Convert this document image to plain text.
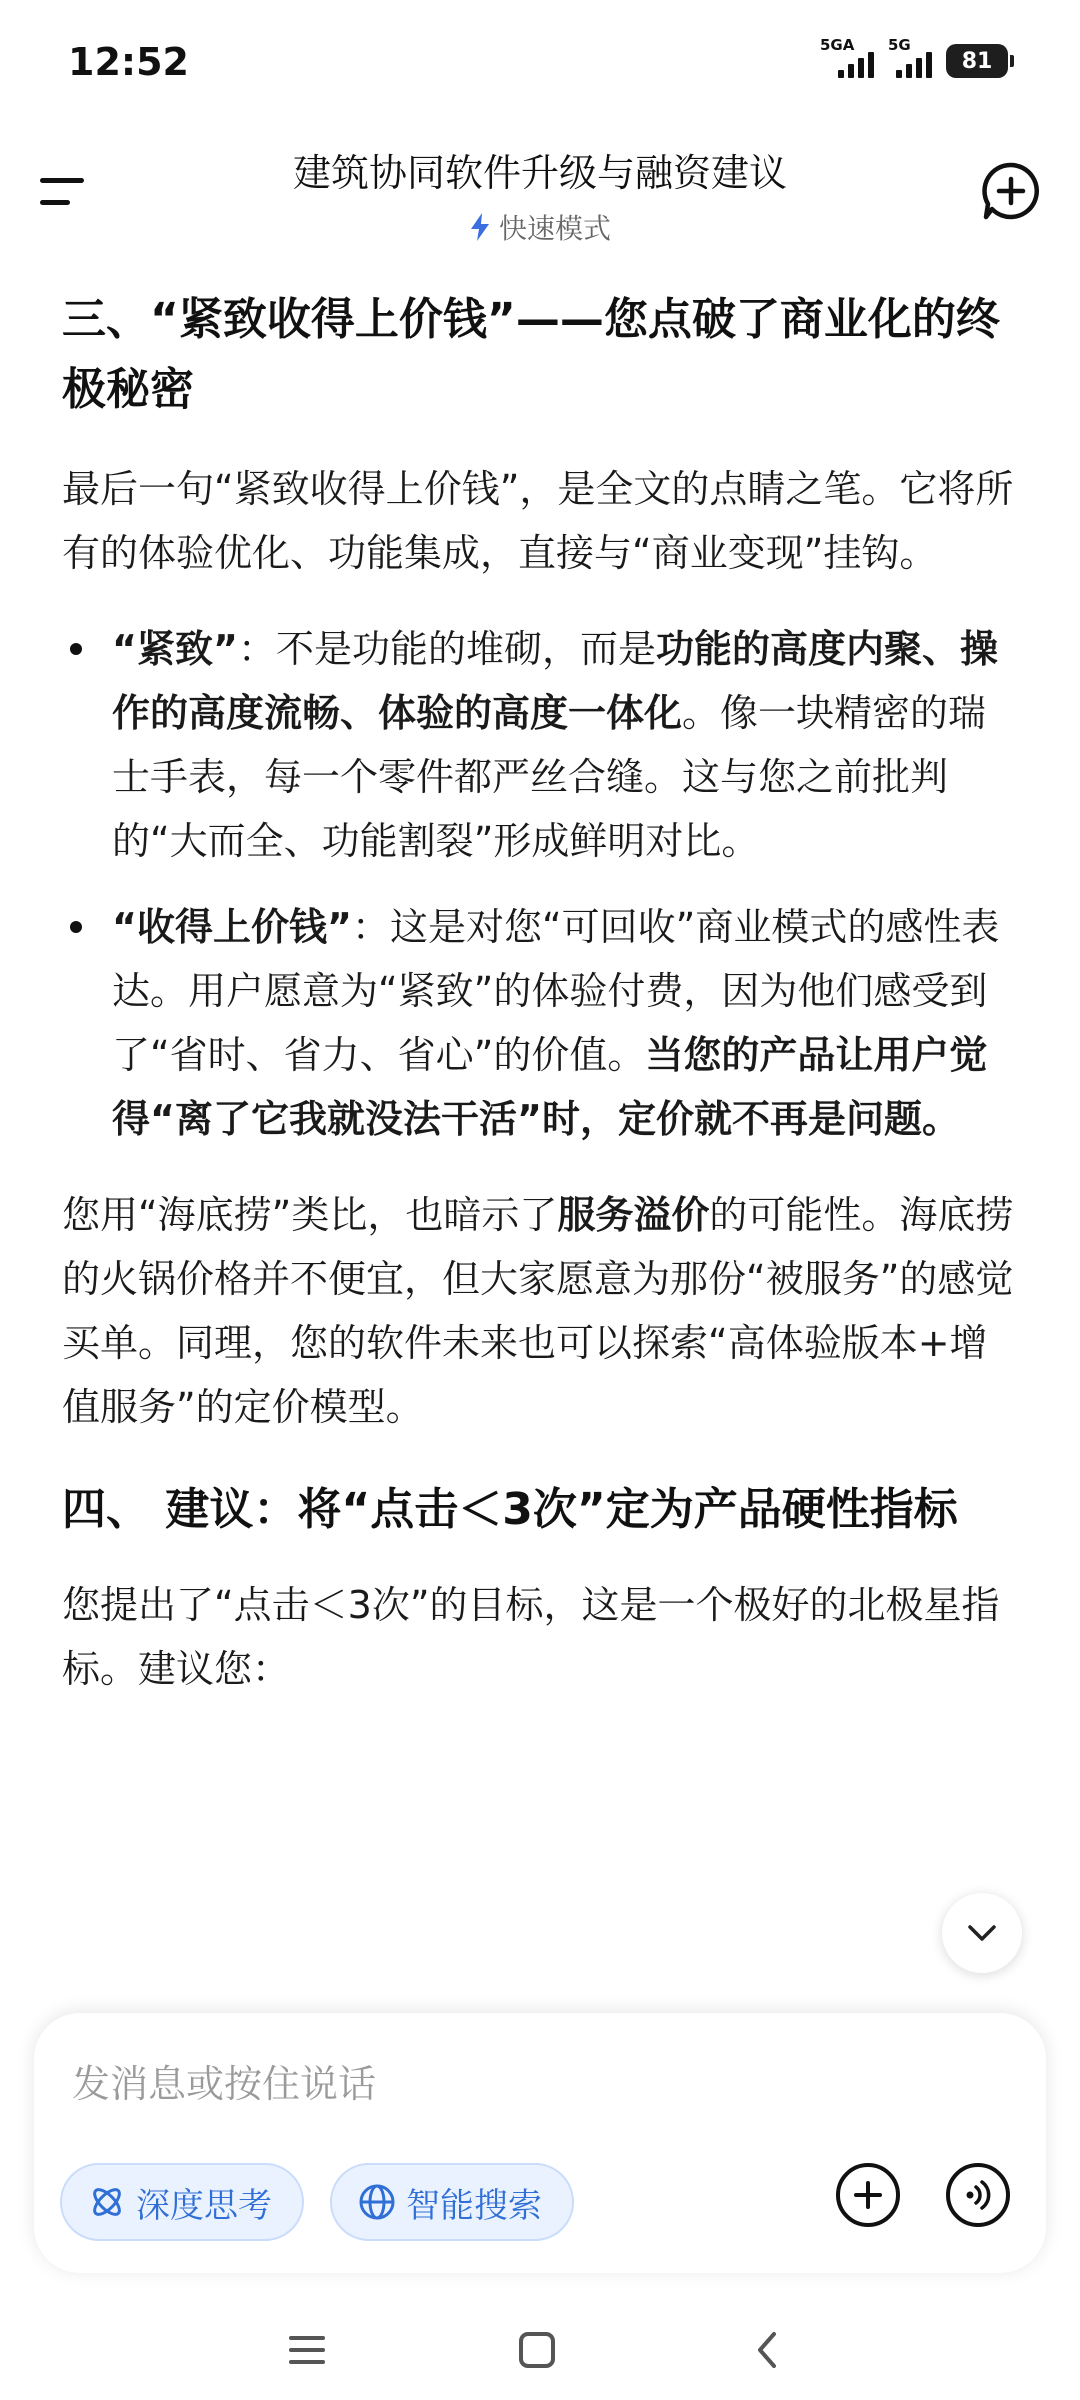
12:52	5GA 5G
81
建筑协同软件升级与融资建议
快速模式
三、“紧致收得上价钱”——您点破了商业化的终极秘密

最后一句“紧致收得上价钱”，是全文的点睛之笔。它将所有的体验优化、功能集成，直接与“商业变现”挂钩。

“紧致”：不是功能的堆砌，而是功能的高度内聚、操作的高度流畅、体验的高度一体化。像一块精密的瑞士手表，每一个零件都严丝合缝。这与您之前批判的“大而全、功能割裂”形成鲜明对比。
“收得上价钱”：这是对您“可回收”商业模式的感性表达。用户愿意为“紧致”的体验付费，因为他们感受到了“省时、省力、省心”的价值。当您的产品让用户觉得“离了它我就没法干活”时，定价就不再是问题。

您用“海底捞”类比，也暗示了服务溢价的可能性。海底捞的火锅价格并不便宜，但大家愿意为那份“被服务”的感觉买单。同理，您的软件未来也可以探索“高体验版本+增值服务”的定价模型。

四、 建议：将“点击＜3次”定为产品硬性指标

您提出了“点击＜3次”的目标，这是一个极好的北极星指标。建议您：

发消息或按住说话
深度思考	智能搜索
